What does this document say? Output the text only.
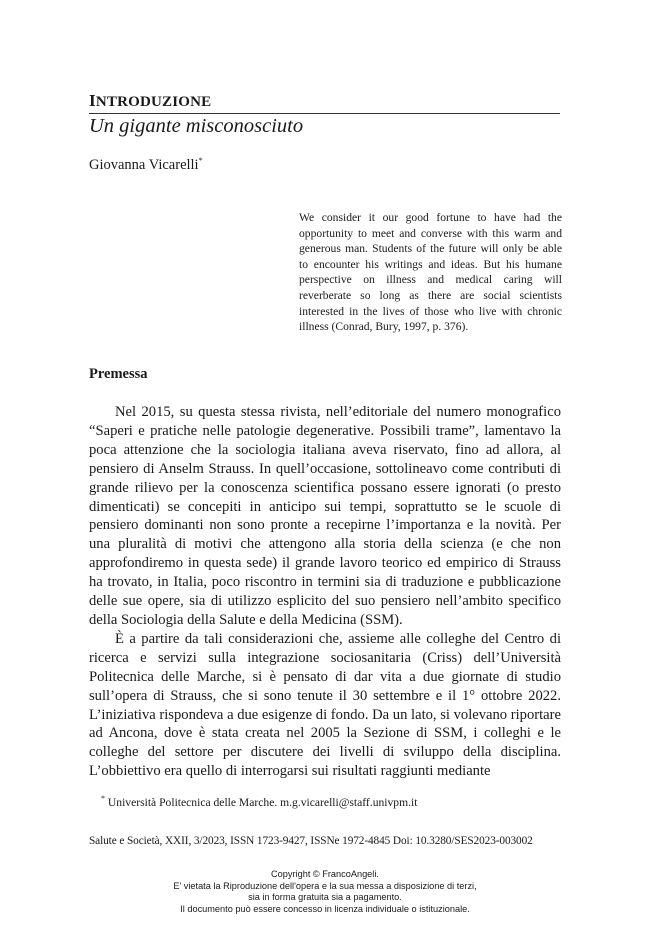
INTRODUZIONE
Un gigante misconosciuto

Giovanna Vicarelli*

We consider it our good fortune to have had the opportunity to meet and converse with this warm and generous man. Students of the future will only be able to encounter his writings and ideas. But his humane perspective on illness and medical caring will reverberate so long as there are social scientists interested in the lives of those who live with chronic illness (Conrad, Bury, 1997, p. 376).

Premessa

Nel 2015, su questa stessa rivista, nell’editoriale del numero monografico “Saperi e pratiche nelle patologie degenerative. Possibili trame”, lamentavo la poca attenzione che la sociologia italiana aveva riservato, fino ad allora, al pensiero di Anselm Strauss. In quell’occasione, sottolineavo come contributi di grande rilievo per la conoscenza scientifica possano essere ignorati (o presto dimenticati) se concepiti in anticipo sui tempi, soprattutto se le scuole di pensiero dominanti non sono pronte a recepirne l’importanza e la novità. Per una pluralità di motivi che attengono alla storia della scienza (e che non approfondiremo in questa sede) il grande lavoro teorico ed empirico di Strauss ha trovato, in Italia, poco riscontro in termini sia di traduzione e pubblicazione delle sue opere, sia di utilizzo esplicito del suo pensiero nell’ambito specifico della Sociologia della Salute e della Medicina (SSM).

È a partire da tali considerazioni che, assieme alle colleghe del Centro di ricerca e servizi sulla integrazione sociosanitaria (Criss) dell’Università Politecnica delle Marche, si è pensato di dar vita a due giornate di studio sull’opera di Strauss, che si sono tenute il 30 settembre e il 1° ottobre 2022. L’iniziativa rispondeva a due esigenze di fondo. Da un lato, si volevano riportare ad Ancona, dove è stata creata nel 2005 la Sezione di SSM, i colleghi e le colleghe del settore per discutere dei livelli di sviluppo della disciplina. L’obbiettivo era quello di interrogarsi sui risultati raggiunti mediante

* Università Politecnica delle Marche. m.g.vicarelli@staff.univpm.it

Salute e Società, XXII, 3/2023, ISSN 1723-9427, ISSNe 1972-4845 Doi: 10.3280/SES2023-003002

Copyright © FrancoAngeli.
E' vietata la Riproduzione dell'opera e la sua messa a disposizione di terzi,
sia in forma gratuita sia a pagamento.
Il documento può essere concesso in licenza individuale o istituzionale.
